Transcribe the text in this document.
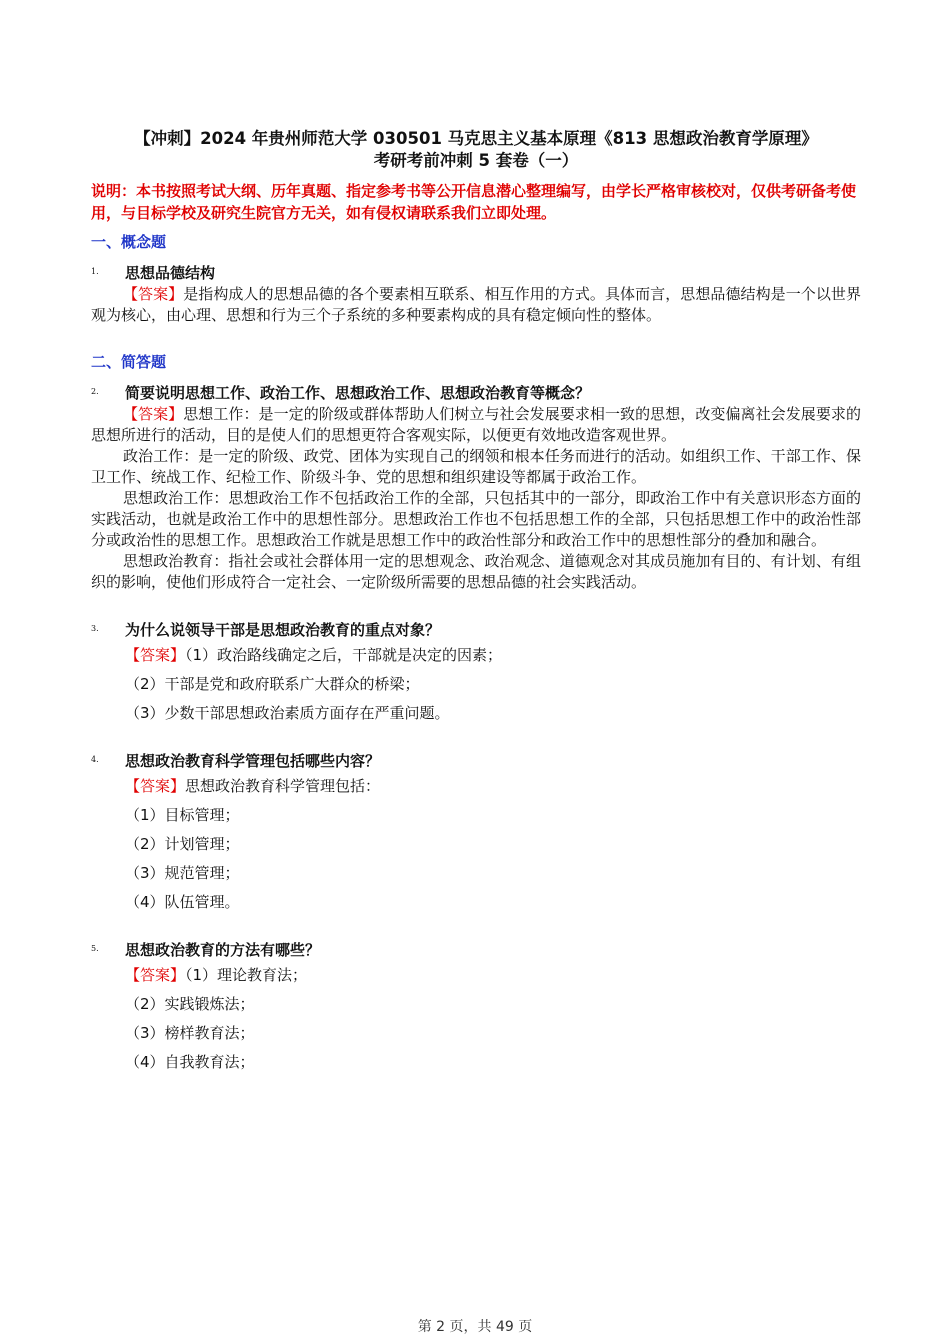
【冲刺】2024 年贵州师范大学 030501 马克思主义基本原理《813 思想政治教育学原理》
考研考前冲刺 5 套卷（一）
说明：本书按照考试大纲、历年真题、指定参考书等公开信息潜心整理编写，由学长严格审核校对，仅供考研备考使用，与目标学校及研究生院官方无关，如有侵权请联系我们立即处理。
一、概念题
1.	思想品德结构
【答案】是指构成人的思想品德的各个要素相互联系、相互作用的方式。具体而言，思想品德结构是一个以世界观为核心，由心理、思想和行为三个子系统的多种要素构成的具有稳定倾向性的整体。
二、简答题
2.	简要说明思想工作、政治工作、思想政治工作、思想政治教育等概念？
【答案】思想工作：是一定的阶级或群体帮助人们树立与社会发展要求相一致的思想，改变偏离社会发展要求的思想所进行的活动，目的是使人们的思想更符合客观实际，以便更有效地改造客观世界。
政治工作：是一定的阶级、政党、团体为实现自己的纲领和根本任务而进行的活动。如组织工作、干部工作、保卫工作、统战工作、纪检工作、阶级斗争、党的思想和组织建设等都属于政治工作。
思想政治工作：思想政治工作不包括政治工作的全部，只包括其中的一部分，即政治工作中有关意识形态方面的实践活动，也就是政治工作中的思想性部分。思想政治工作也不包括思想工作的全部，只包括思想工作中的政治性部分或政治性的思想工作。思想政治工作就是思想工作中的政治性部分和政治工作中的思想性部分的叠加和融合。
思想政治教育：指社会或社会群体用一定的思想观念、政治观念、道德观念对其成员施加有目的、有计划、有组织的影响，使他们形成符合一定社会、一定阶级所需要的思想品德的社会实践活动。
3.	为什么说领导干部是思想政治教育的重点对象？
【答案】（1）政治路线确定之后，干部就是决定的因素；
（2）干部是党和政府联系广大群众的桥梁；
（3）少数干部思想政治素质方面存在严重问题。
4.	思想政治教育科学管理包括哪些内容？
【答案】思想政治教育科学管理包括：
（1）目标管理；
（2）计划管理；
（3）规范管理；
（4）队伍管理。
5.	思想政治教育的方法有哪些？
【答案】（1）理论教育法；
（2）实践锻炼法；
（3）榜样教育法；
（4）自我教育法；
第 2 页，共 49 页
